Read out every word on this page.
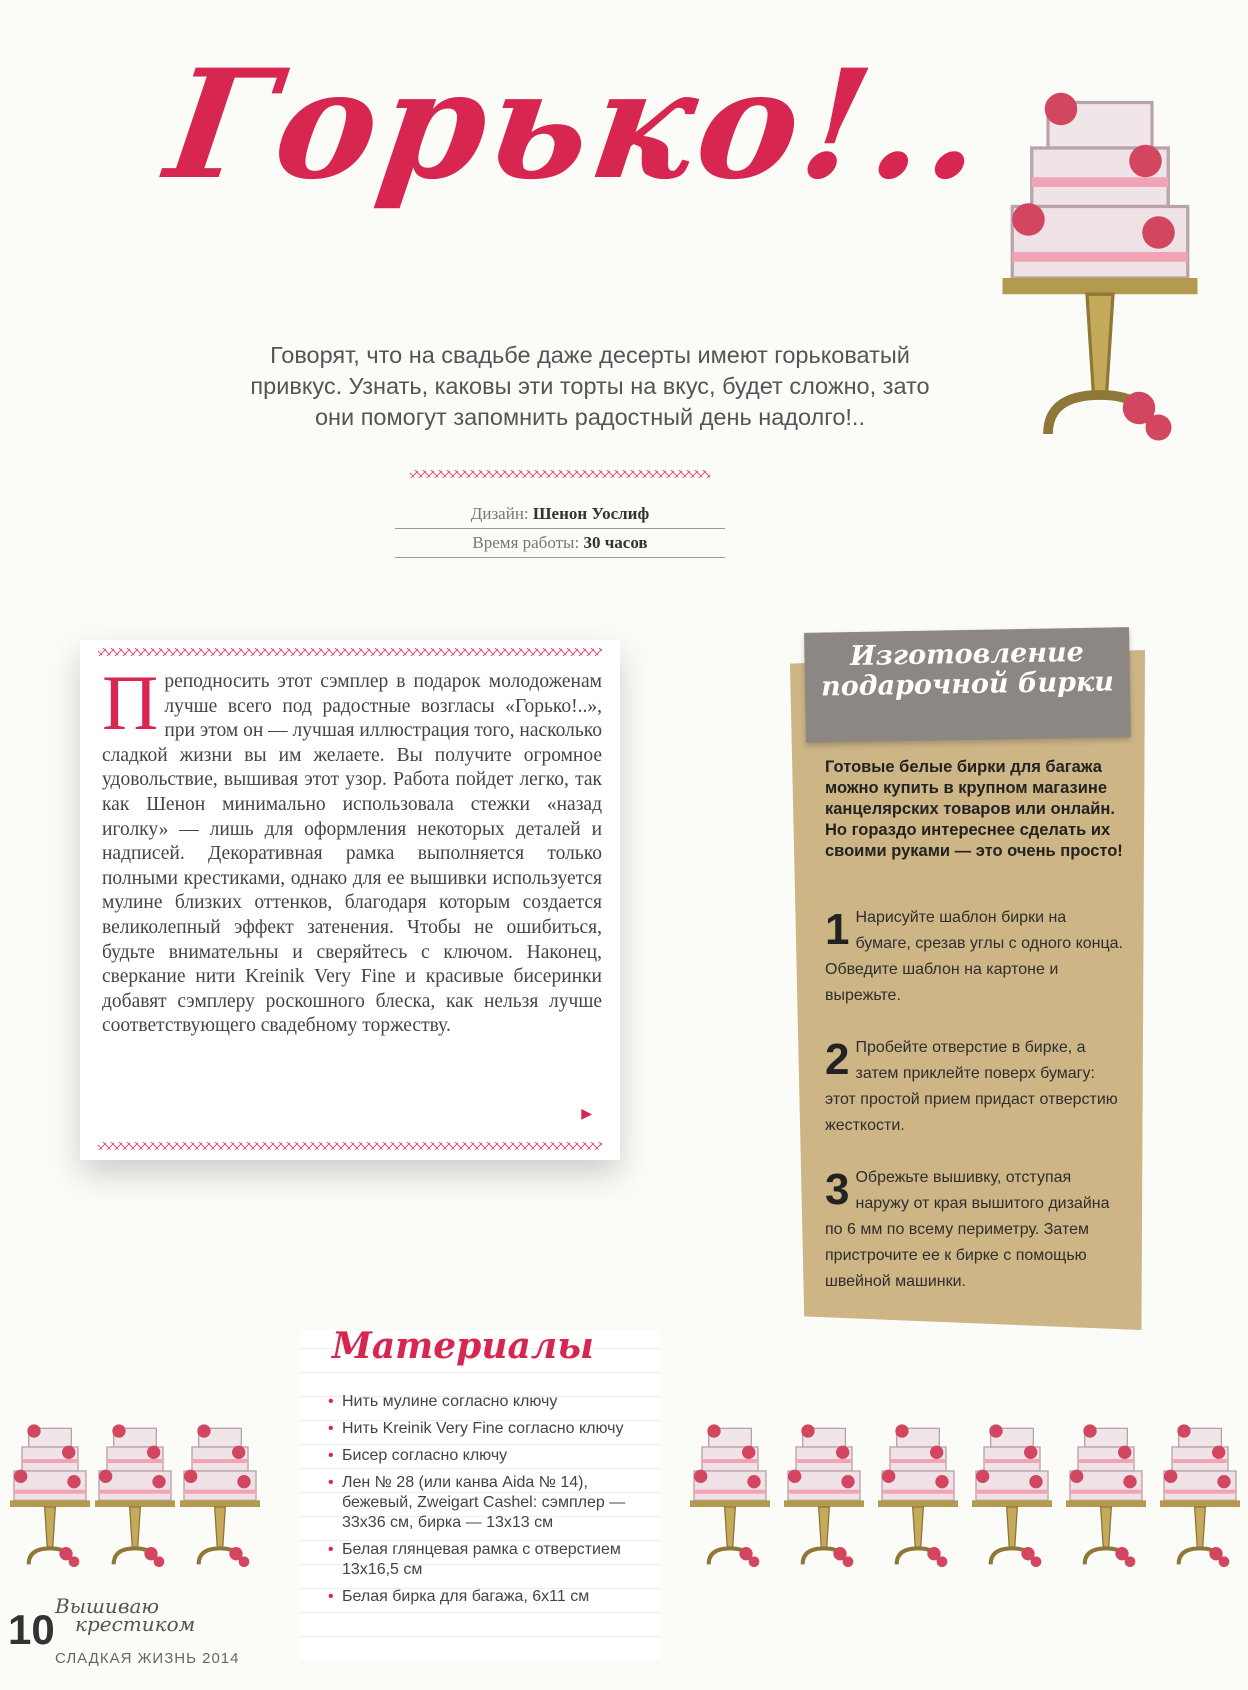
Горько!..
Говорят, что на свадьбе даже десерты имеют горьковатый привкус. Узнать, каковы эти торты на вкус, будет сложно, зато они помогут запомнить радостный день надолго!..
Дизайн: Шенон Уослиф
Время работы: 30 часов
П реподносить этот сэмплер в подарок молодоженам лучше всего под радостные возгласы «Горько!..», при этом он — лучшая иллюстрация того, насколько сладкой жизни вы им желаете. Вы получите огромное удовольствие, вышивая этот узор. Работа пойдет легко, так как Шенон минимально использовала стежки «назад иголку» — лишь для оформления некоторых деталей и надписей. Декоративная рамка выполняется только полными крестиками, однако для ее вышивки используется мулине близких оттенков, благодаря которым создается великолепный эффект затенения. Чтобы не ошибиться, будьте внимательны и сверяйтесь с ключом. Наконец, сверкание нити Kreinik Very Fine и красивые бисеринки добавят сэмплеру роскошного блеска, как нельзя лучше соответствующего свадебному торжеству.
▶
Изготовление подарочной бирки
Готовые белые бирки для багажа можно купить в крупном магазине канцелярских товаров или онлайн. Но гораздо интереснее сделать их своими руками — это очень просто!
1 Нарисуйте шаблон бирки на бумаге, срезав углы с одного конца. Обведите шаблон на картоне и вырежьте.
2 Пробейте отверстие в бирке, а затем приклейте поверх бумагу: этот простой прием придаст отверстию жесткости.
3 Обрежьте вышивку, отступая наружу от края вышитого дизайна по 6 мм по всему периметру. Затем пристрочите ее к бирке с помощью швейной машинки.
Материалы
• Нить мулине согласно ключу
• Нить Kreinik Very Fine согласно ключу
• Бисер согласно ключу
• Лен № 28 (или канва Aida № 14), бежевый, Zweigart Cashel: сэмплер — 33х36 см, бирка — 13х13 см
• Белая глянцевая рамка с отверстием 13х16,5 см
• Белая бирка для багажа, 6х11 см
10 Вышиваю
крестиком
СЛАДКАЯ ЖИЗНЬ 2014
